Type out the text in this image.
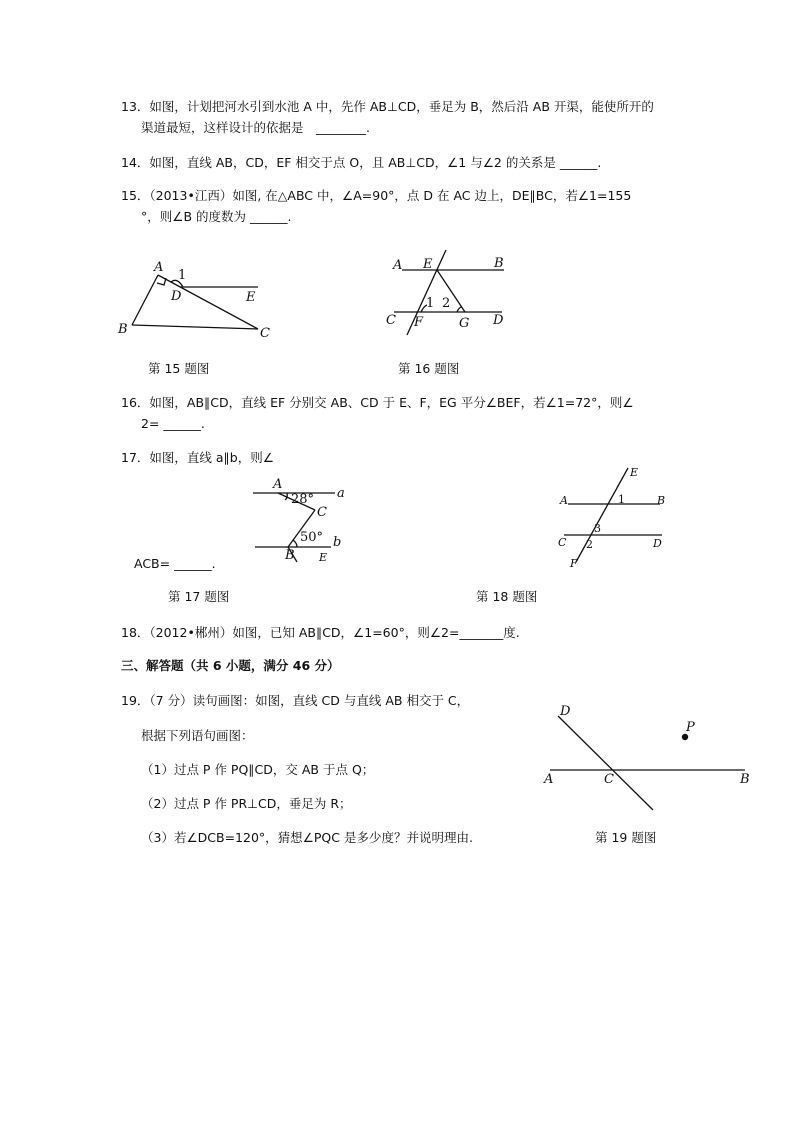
13．如图，计划把河水引到水池 A 中，先作 AB⊥CD，垂足为 B，然后沿 AB 开渠，能使所开的
渠道最短，这样设计的依据是　________.
14．如图，直线 AB，CD，EF 相交于点 O，且 AB⊥CD，∠1 与∠2 的关系是 ______.
15．（2013•江西）如图, 在△ABC 中，∠A=90°，点 D 在 AC 边上，DE∥BC，若∠1=155
°，则∠B 的度数为 ______.
A
B	C
D	E
1
第 15 题图
A E	B
C F	G D
1 2
第 16 题图
16．如图，AB∥CD，直线 EF 分别交 AB、CD 于 E、F，EG 平分∠BEF，若∠1=72°，则∠
2= ______.
17．如图，直线 a∥b，则∠
A
a
C
b
B E
28°
50°
ACB= ______.
第 17 题图
A	B
C	D
E
F
1
2
3
第 18 题图
18．（2012•郴州）如图，已知 AB∥CD，∠1=60°，则∠2=_______度.
三、解答题（共 6 小题，满分 46 分）
19．（7 分）读句画图：如图，直线 CD 与直线 AB 相交于 C，
根据下列语句画图：
（1）过点 P 作 PQ∥CD，交 AB 于点 Q；
（2）过点 P 作 PR⊥CD，垂足为 R；
（3）若∠DCB=120°，猜想∠PQC 是多少度？并说明理由.
D
P
A	C	B
第 19 题图
